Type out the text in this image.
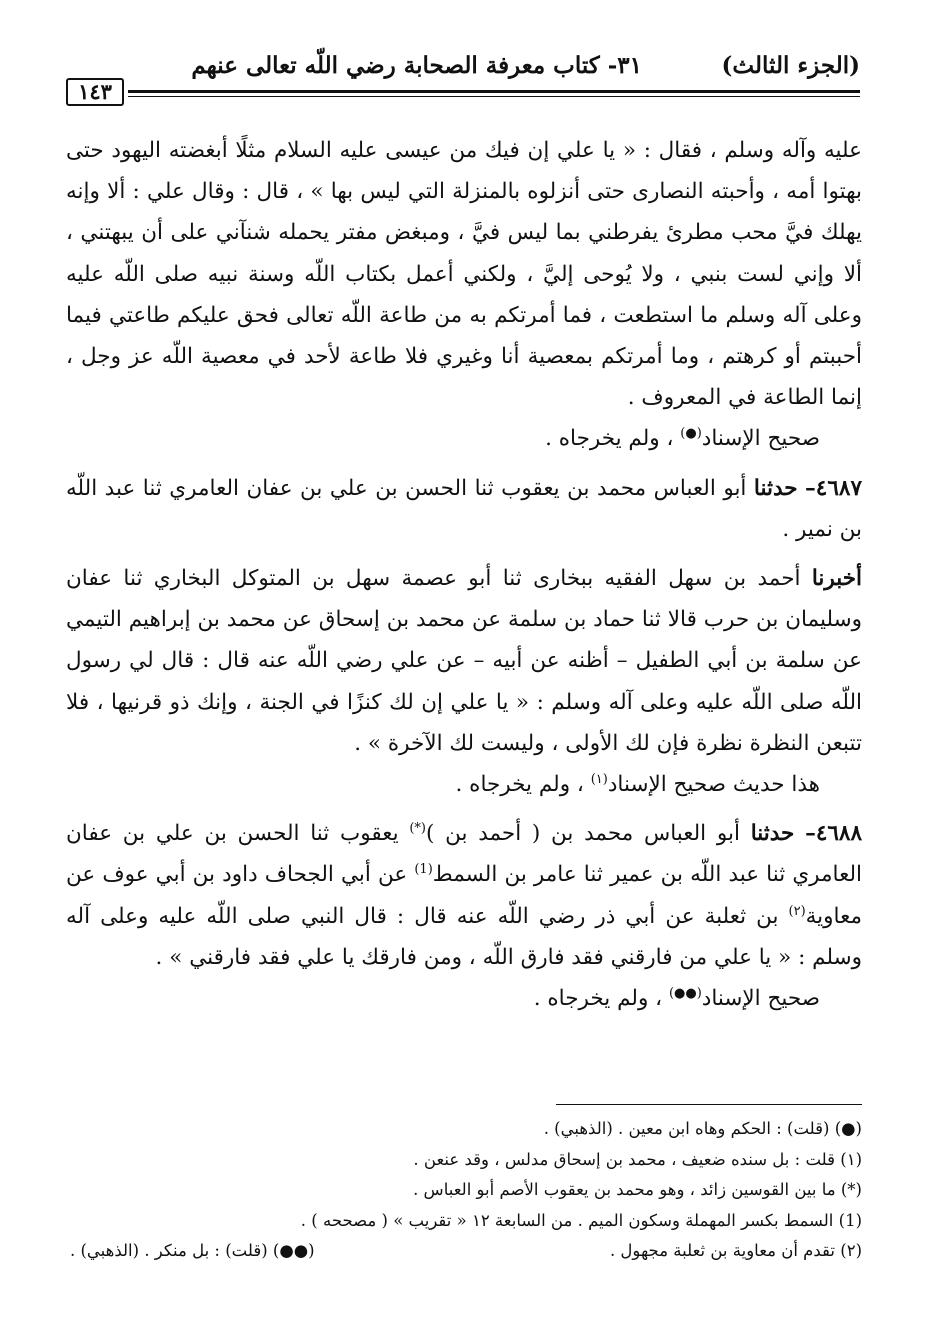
(الجزء الثالث)
٣١- كتاب معرفة الصحابة رضي اللّه تعالى عنهم
١٤٣

عليه وآله وسلم ، فقال : « يا علي إن فيك من عيسى عليه السلام مثلًا أبغضته اليهود حتى بهتوا أمه ، وأحبته النصارى حتى أنزلوه بالمنزلة التي ليس بها » ، قال : وقال علي : ألا وإنه يهلك فيَّ محب مطرئ يفرطني بما ليس فيَّ ، ومبغض مفتر يحمله شنآني على أن يبهتني ، ألا وإني لست بنبي ، ولا يُوحى إليَّ ، ولكني أعمل بكتاب اللّه وسنة نبيه صلى اللّه عليه وعلى آله وسلم ما استطعت ، فما أمرتكم به من طاعة اللّه تعالى فحق عليكم طاعتي فيما أحببتم أو كرهتم ، وما أمرتكم بمعصية أنا وغيري فلا طاعة لأحد في معصية اللّه عز وجل ، إنما الطاعة في المعروف .

صحيح الإسناد(●) ، ولم يخرجاه .

٤٦٨٧– حدثنا أبو العباس محمد بن يعقوب ثنا الحسن بن علي بن عفان العامري ثنا عبد اللّه بن نمير .

أخبرنا أحمد بن سهل الفقيه ببخارى ثنا أبو عصمة سهل بن المتوكل البخاري ثنا عفان وسليمان بن حرب قالا ثنا حماد بن سلمة عن محمد بن إسحاق عن محمد بن إبراهيم التيمي عن سلمة بن أبي الطفيل – أظنه عن أبيه – عن علي رضي اللّه عنه قال : قال لي رسول اللّه صلى اللّه عليه وعلى آله وسلم : « يا علي إن لك كنزًا في الجنة ، وإنك ذو قرنيها ، فلا تتبعن النظرة نظرة فإن لك الأولى ، وليست لك الآخرة » .

هذا حديث صحيح الإسناد$^{(١)}$ ، ولم يخرجاه .

٤٦٨٨– حدثنا أبو العباس محمد بن ( أحمد بن )(*) يعقوب ثنا الحسن بن علي بن عفان العامري ثنا عبد اللّه بن عمير ثنا عامر بن السمط$^{(1)}$ عن أبي الجحاف داود بن أبي عوف عن معاوية$^{(٢)}$ بن ثعلبة عن أبي ذر رضي اللّه عنه قال : قال النبي صلى اللّه عليه وعلى آله وسلم : « يا علي من فارقني فقد فارق اللّه ، ومن فارقك يا علي فقد فارقني » .

صحيح الإسناد(●●) ، ولم يخرجاه .

(●) (قلت) : الحكم وهاه ابن معين . (الذهبي) .
(١) قلت : بل سنده ضعيف ، محمد بن إسحاق مدلس ، وقد عنعن .
(*) ما بين القوسين زائد ، وهو محمد بن يعقوب الأصم أبو العباس .
(1) السمط بكسر المهملة وسكون الميم . من السابعة ١٢ « تقريب » ( مصححه ) .
(٢) تقدم أن معاوية بن ثعلبة مجهول .
(●●) (قلت) : بل منكر . (الذهبي) .
